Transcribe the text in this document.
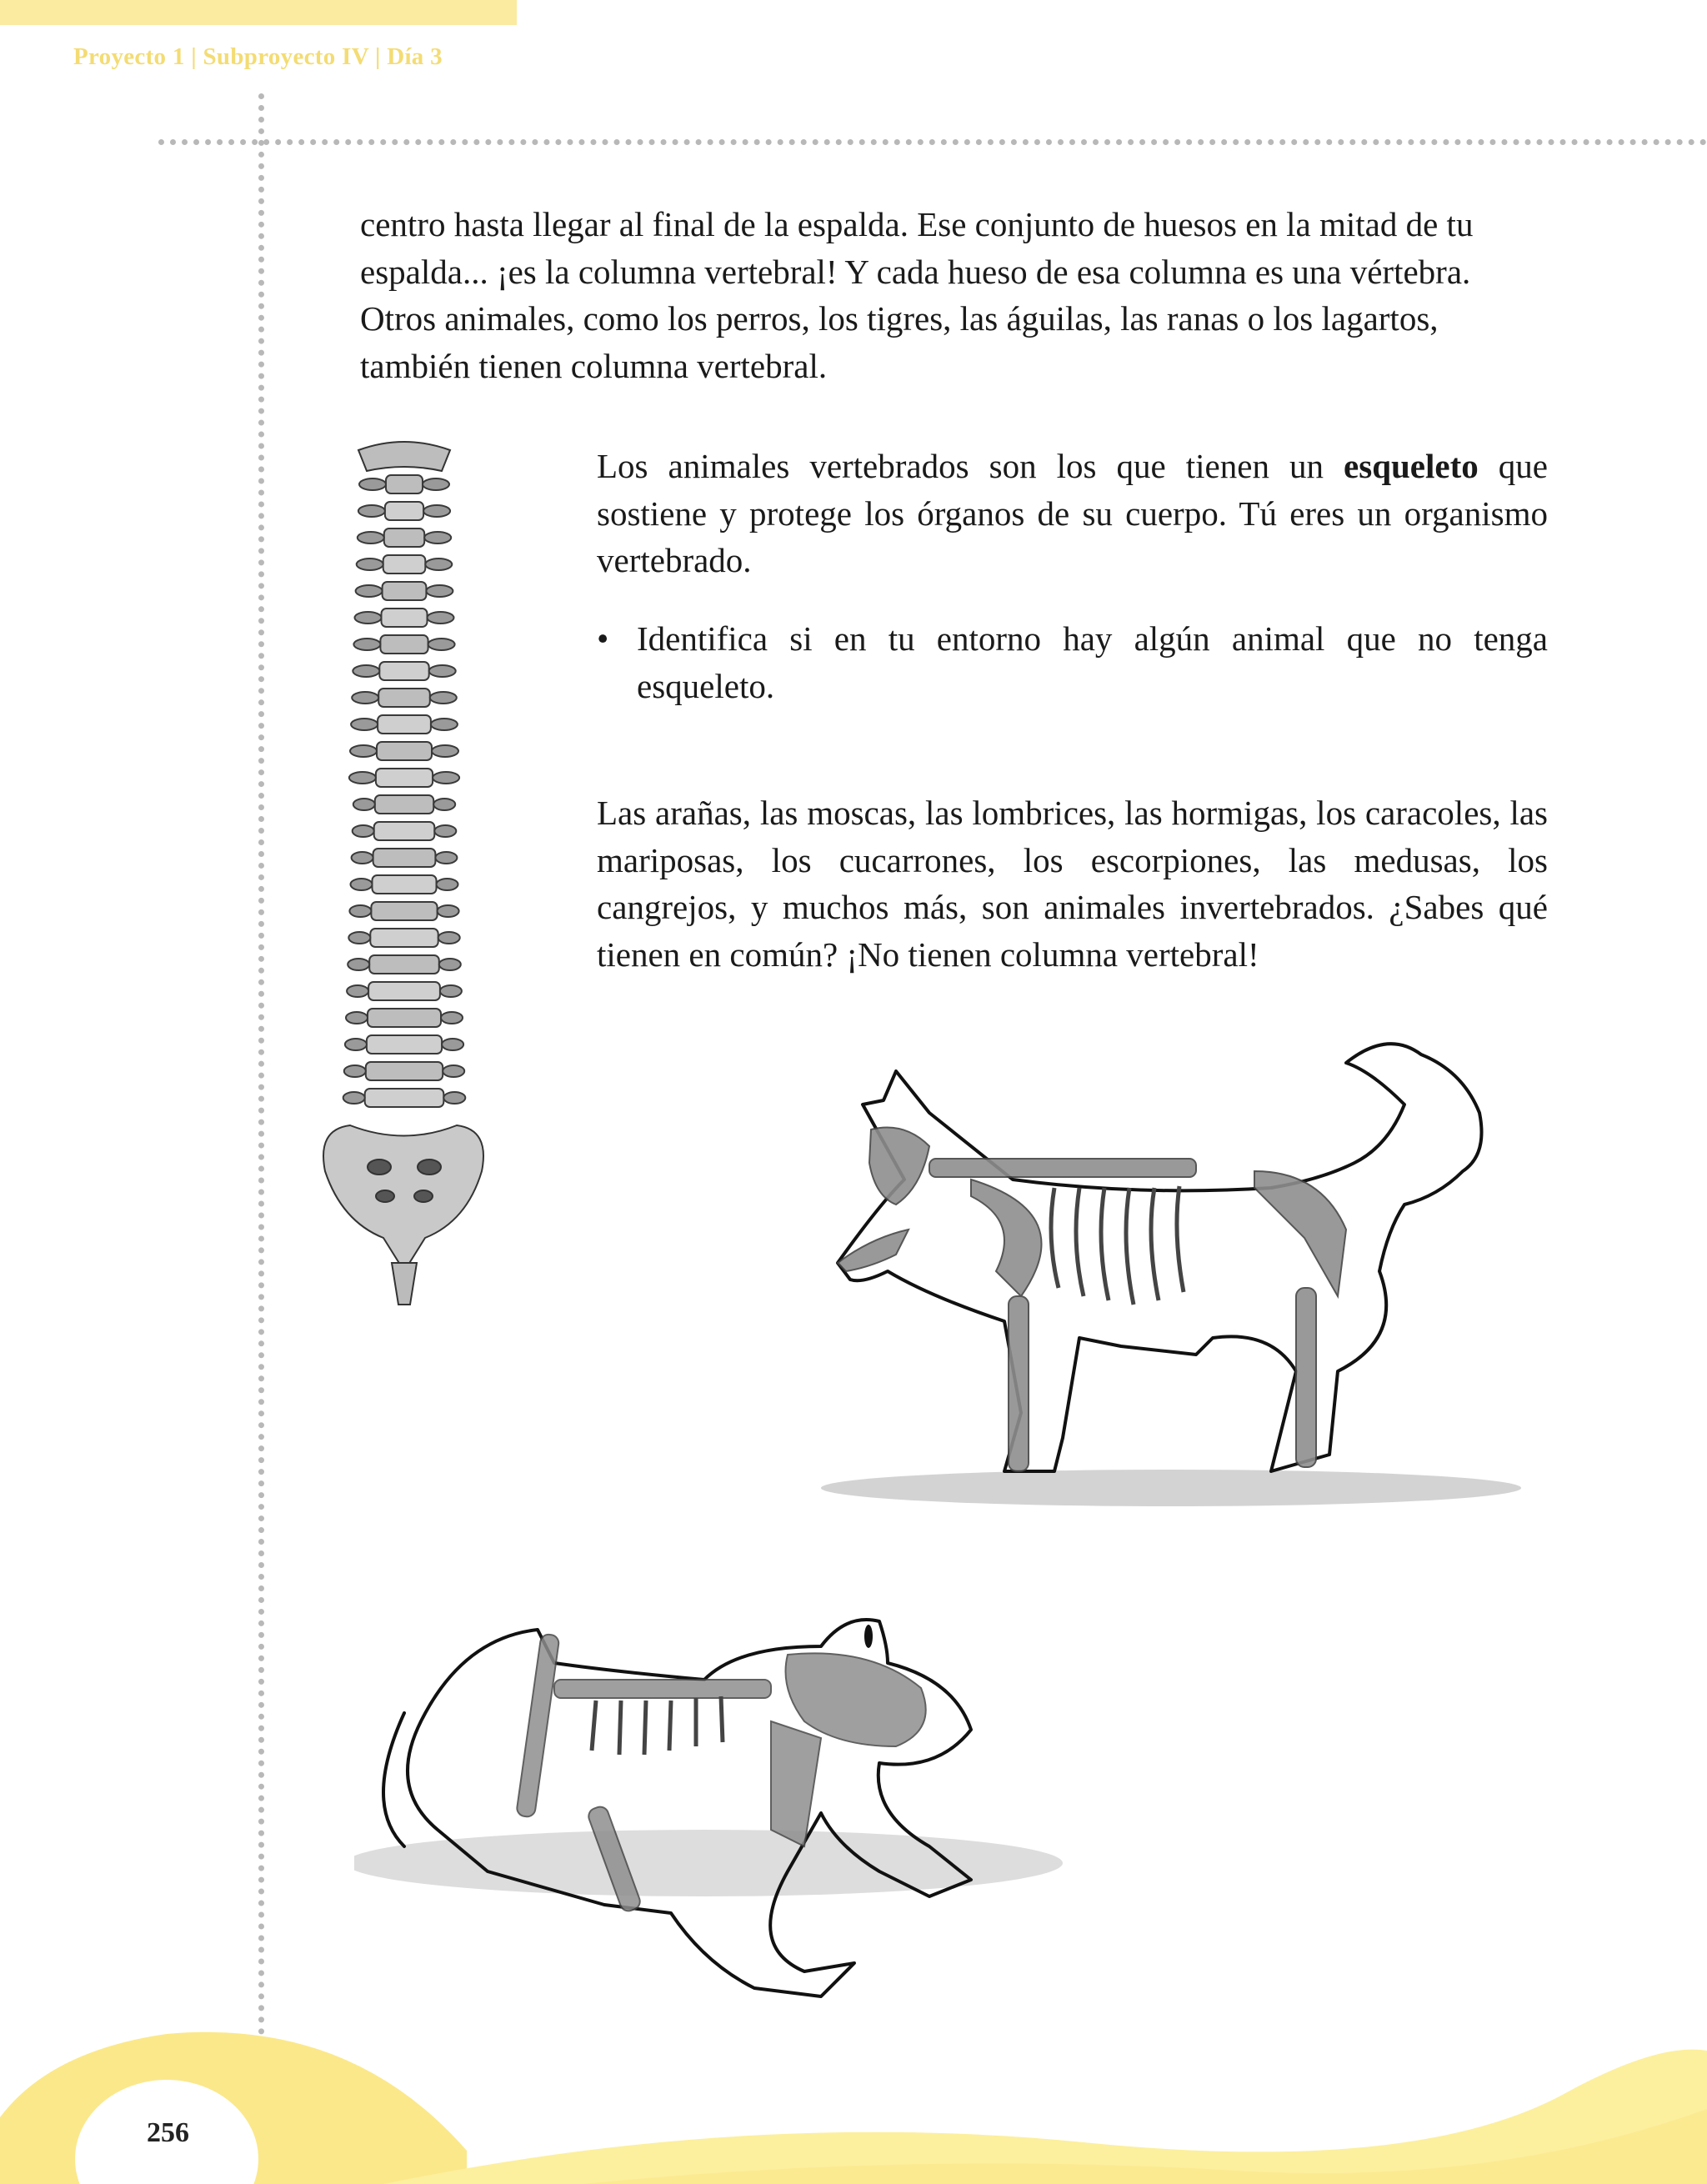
Proyecto 1 | Subproyecto IV | Día 3

centro hasta llegar al final de la espalda. Ese conjunto de huesos en la mitad de tu espalda... ¡es la columna vertebral! Y cada hueso de esa columna es una vértebra. Otros animales, como los perros, los tigres, las águilas, las ranas o los lagartos, también tienen columna vertebral.

Los animales vertebrados son los que tienen un esqueleto que sostiene y protege los órganos de su cuerpo. Tú eres un organismo vertebrado.

• Identifica si en tu entorno hay algún animal que no tenga esqueleto.

Las arañas, las moscas, las lombrices, las hormigas, los caracoles, las mariposas, los cucarrones, los escorpiones, las medusas, los cangrejos, y muchos más, son animales invertebrados. ¿Sabes qué tienen en común? ¡No tienen columna vertebral!

256
